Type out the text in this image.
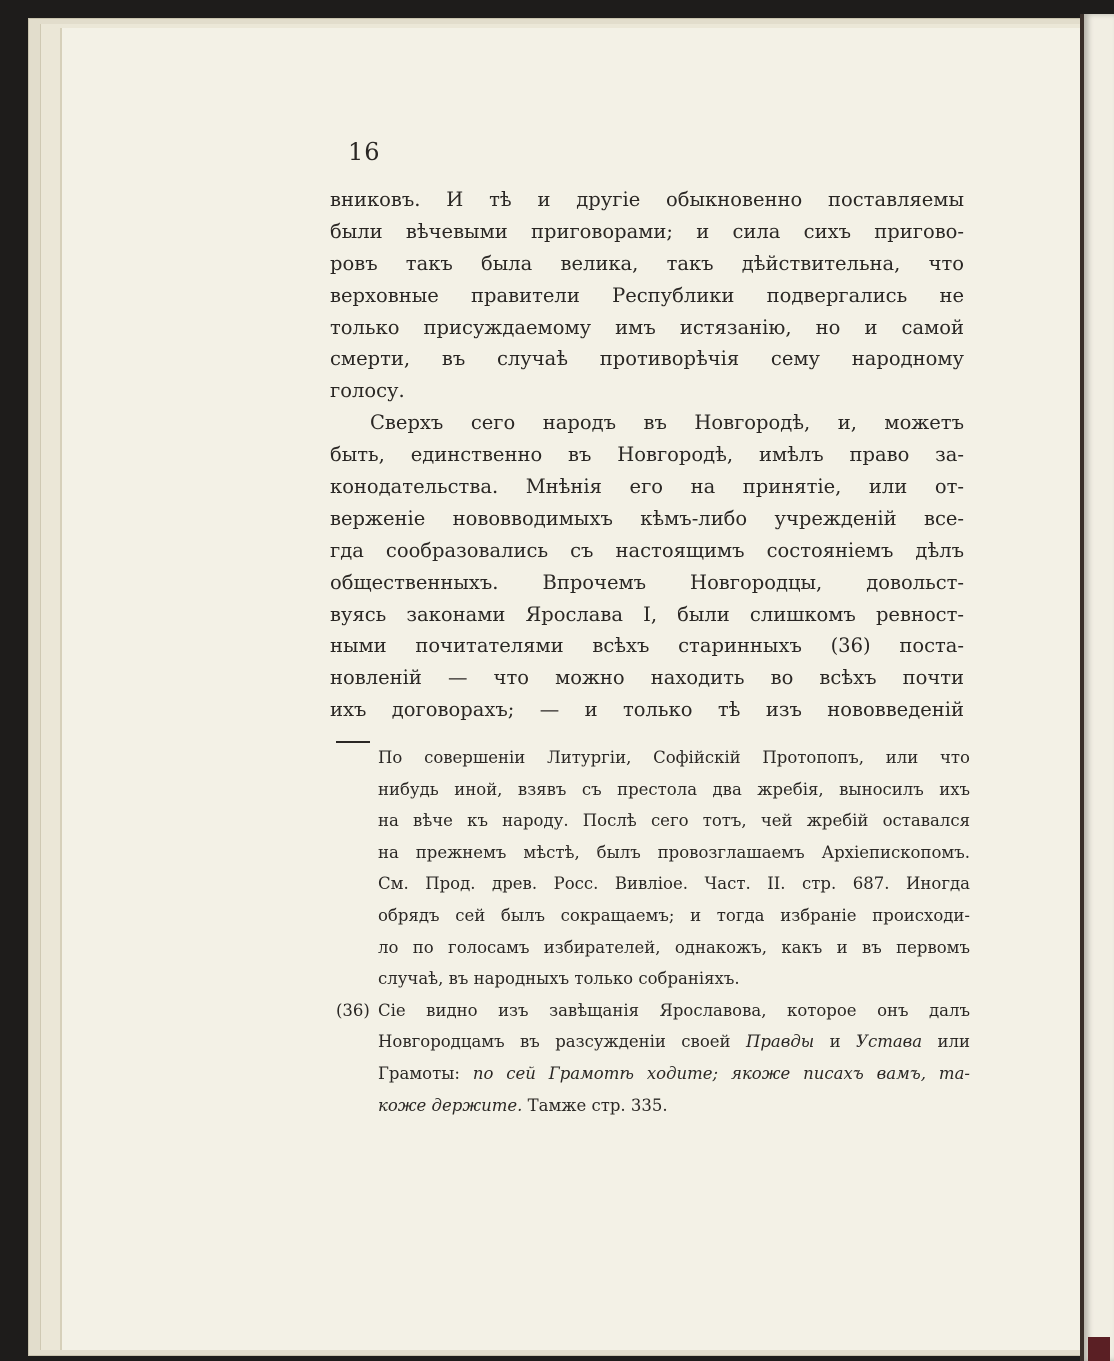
16
вниковъ. И тѣ и другіе обыкновенно поставляемы
были вѣчевыми приговорами; и сила сихъ пригово-
ровъ такъ была велика, такъ дѣйствительна, что
верховные правители Республики подвергались не
только присуждаемому имъ истязанію, но и самой
смерти, въ случаѣ противорѣчія сему народному
голосу.
Сверхъ сего народъ въ Новгородѣ, и, можетъ
быть, единственно въ Новгородѣ, имѣлъ право за-
конодательства. Мнѣнія его на принятіе, или от-
верженіе нововводимыхъ кѣмъ-либо учрежденій все-
гда сообразовались съ настоящимъ состояніемъ дѣлъ
общественныхъ. Впрочемъ Новгородцы, довольст-
вуясь законами Ярослава I, были слишкомъ ревност-
ными почитателями всѣхъ старинныхъ (36) поста-
новленій — что можно находить во всѣхъ почти
ихъ договорахъ; — и только тѣ изъ нововведеній
По совершеніи Литургіи, Софійскій Протопопъ, или что
нибудь иной, взявъ съ престола два жребія, выносилъ ихъ
на вѣче къ народу. Послѣ сего тотъ, чей жребій оставался
на прежнемъ мѣстѣ, былъ провозглашаемъ Архіепископомъ.
См. Прод. древ. Росс. Вивліое. Част. II. стр. 687. Иногда
обрядъ сей былъ сокращаемъ; и тогда избраніе происходи-
ло по голосамъ избирателей, однакожъ, какъ и въ первомъ
случаѣ, въ народныхъ только собраніяхъ.
(36) Сіе видно изъ завѣщанія Ярославова, которое онъ далъ
Новгородцамъ въ разсужденіи своей Правды и Устава или
Грамоты: по сей Грамотѣ ходите; якоже писахъ вамъ, та-
коже держите. Тамже стр. 335.
